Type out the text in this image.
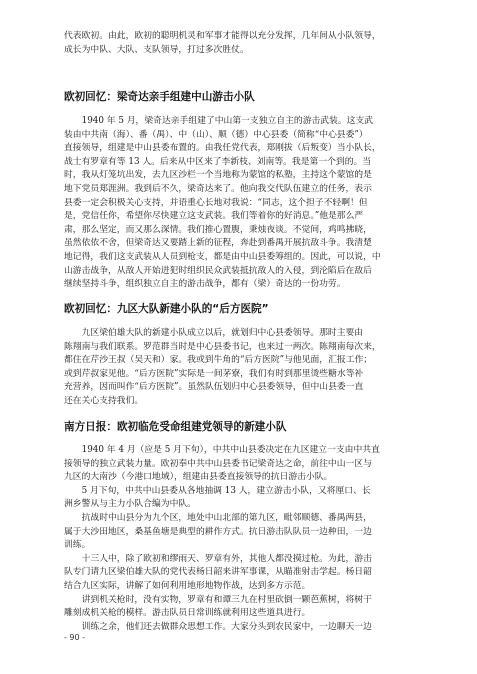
代表欧初。由此，欧初的聪明机灵和军事才能得以充分发挥，几年间从小队领导，

成长为中队、大队、支队领导，打过多次胜仗。

欧初回忆：梁奇达亲手组建中山游击小队

　　1940 年 5 月，梁奇达亲手组建了中山第一支独立自主的游击武装。这支武

装由中共南（海）、番（禺）、中（山）、顺（德）中心县委（简称“中心县委”）

直接领导，组建是中山县委布置的。由我任党代表，郑刚拔（后叛变）当小队长，

战士有罗章有等 13 人。后来从中区来了李新枝、刘南等。我是第一个到的。当

时，我从灯笼坑出发，去九区沙栏一个当地称为蒙馆的私塾，主持这个蒙馆的是

地下党员郑涯洲。我到后不久，梁奇达来了。他向我交代队伍建立的任务，表示

县委一定会积极关心支持，并语重心长地对我说：“同志，这个担子不轻啊！但

是，党信任你，希望你尽快建立这支武装。我们等着你的好消息。”他是那么严

肃，那么坚定，而又那么深情。我们推心置腹，秉烛夜谈。不觉间，鸡鸣拂晓，

虽然依依不舍，但梁奇达又要踏上新的征程，奔赴到番禺开展抗敌斗争。我清楚

地记得，我们这支武装从人员到枪支，都是由中山县委筹组的。因此，可以说，中

山游击战争，从敌人开始进犯时组织民众武装抵抗敌人的入侵，到沦陷后在敌后

继续坚持斗争，组织独立自主的游击战争，都有（梁）奇达的一份功劳。

欧初回忆：九区大队新建小队的“后方医院”

　　九区梁伯雄大队的新建小队成立以后，就划归中心县委领导。那时主要由

陈翔南与我们联系。罗范群当时是中心县委书记，也来过一两次。陈翔南每次来，

都住在芹沙王叔（吴天和）家。我或到牛角的“后方医院”与他见面，汇报工作；

或到芹叔家见他。“后方医院”实际是一间茅寮，我们有时到那里烫些糖水等补

充营养，因而叫作“后方医院”。虽然队伍划归中心县委领导，但中山县委一直

还在关心支持我们。

南方日报：欧初临危受命组建党领导的新建小队

　　1940 年 4 月（应是 5 月下旬），中共中山县委决定在九区建立一支由中共直

接领导的独立武装力量。欧初奉中共中山县委书记梁奇达之命，前往中山一区与

九区的大南沙（今港口地域），组建由县委直接领导的抗日游击小队。

　　5 月下旬，中共中山县委从各地抽调 13 人，建立游击小队，又将厘口、长

洲乡警从与主力小队合编为中队。

　　抗战时中山县分为九个区，地处中山北部的第九区，毗邻顺德、番禺两县，

属于大沙田地区，桑基鱼塘是典型的耕作方式。抗日游击队队员一边种田，一边

训练。

　　十三人中，除了欧初和缪雨天、罗章有外，其他人都没摸过枪。为此，游击

队专门请九区梁伯雄大队的党代表杨日韶来讲军事课，从瞄准射击学起。杨日韶

结合九区实际，讲解了如何利用地形地物作战，达到多方示范。

　　讲到机关枪时，没有实物，罗章有和谭三九在村里砍倒一颗芭蕉树，将树干

雕刻成机关枪的模样。游击队员日常训练就利用这些道具进行。

　　训练之余，他们还去做群众思想工作。大家分头到农民家中，一边聊天一边

- 90 -
